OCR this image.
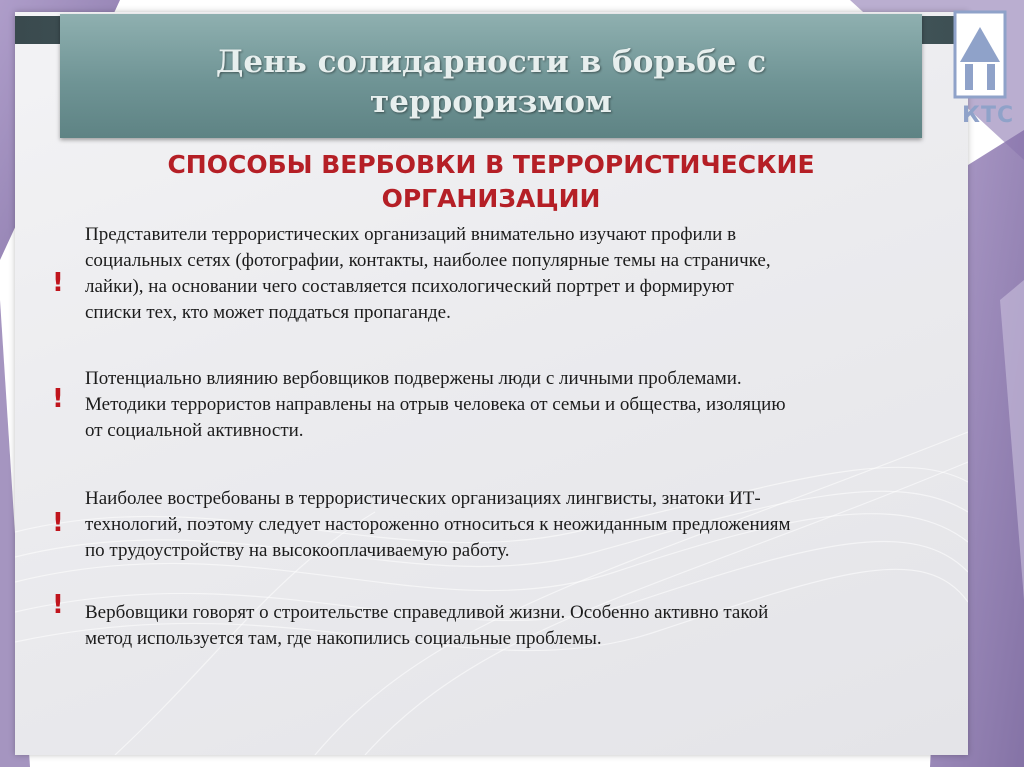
День солидарности в борьбе с
терроризмом	КТС
СПОСОБЫ ВЕРБОВКИ В ТЕРРОРИСТИЧЕСКИЕ
ОРГАНИЗАЦИИ
!
Представители террористических организаций внимательно изучают профили в
социальных сетях (фотографии, контакты, наиболее популярные темы на страничке,
лайки), на основании чего составляется психологический портрет и формируют
списки тех, кто может поддаться пропаганде.
!
Потенциально влиянию вербовщиков подвержены люди с личными проблемами.
Методики террористов направлены на отрыв человека от семьи и общества, изоляцию
от социальной активности.
!
Наиболее востребованы в террористических организациях лингвисты, знатоки ИТ-
технологий, поэтому следует настороженно относиться к неожиданным предложениям
по трудоустройству на высокооплачиваемую работу.
! Вербовщики говорят о строительстве справедливой жизни. Особенно активно такой
метод используется там, где накопились социальные проблемы.
